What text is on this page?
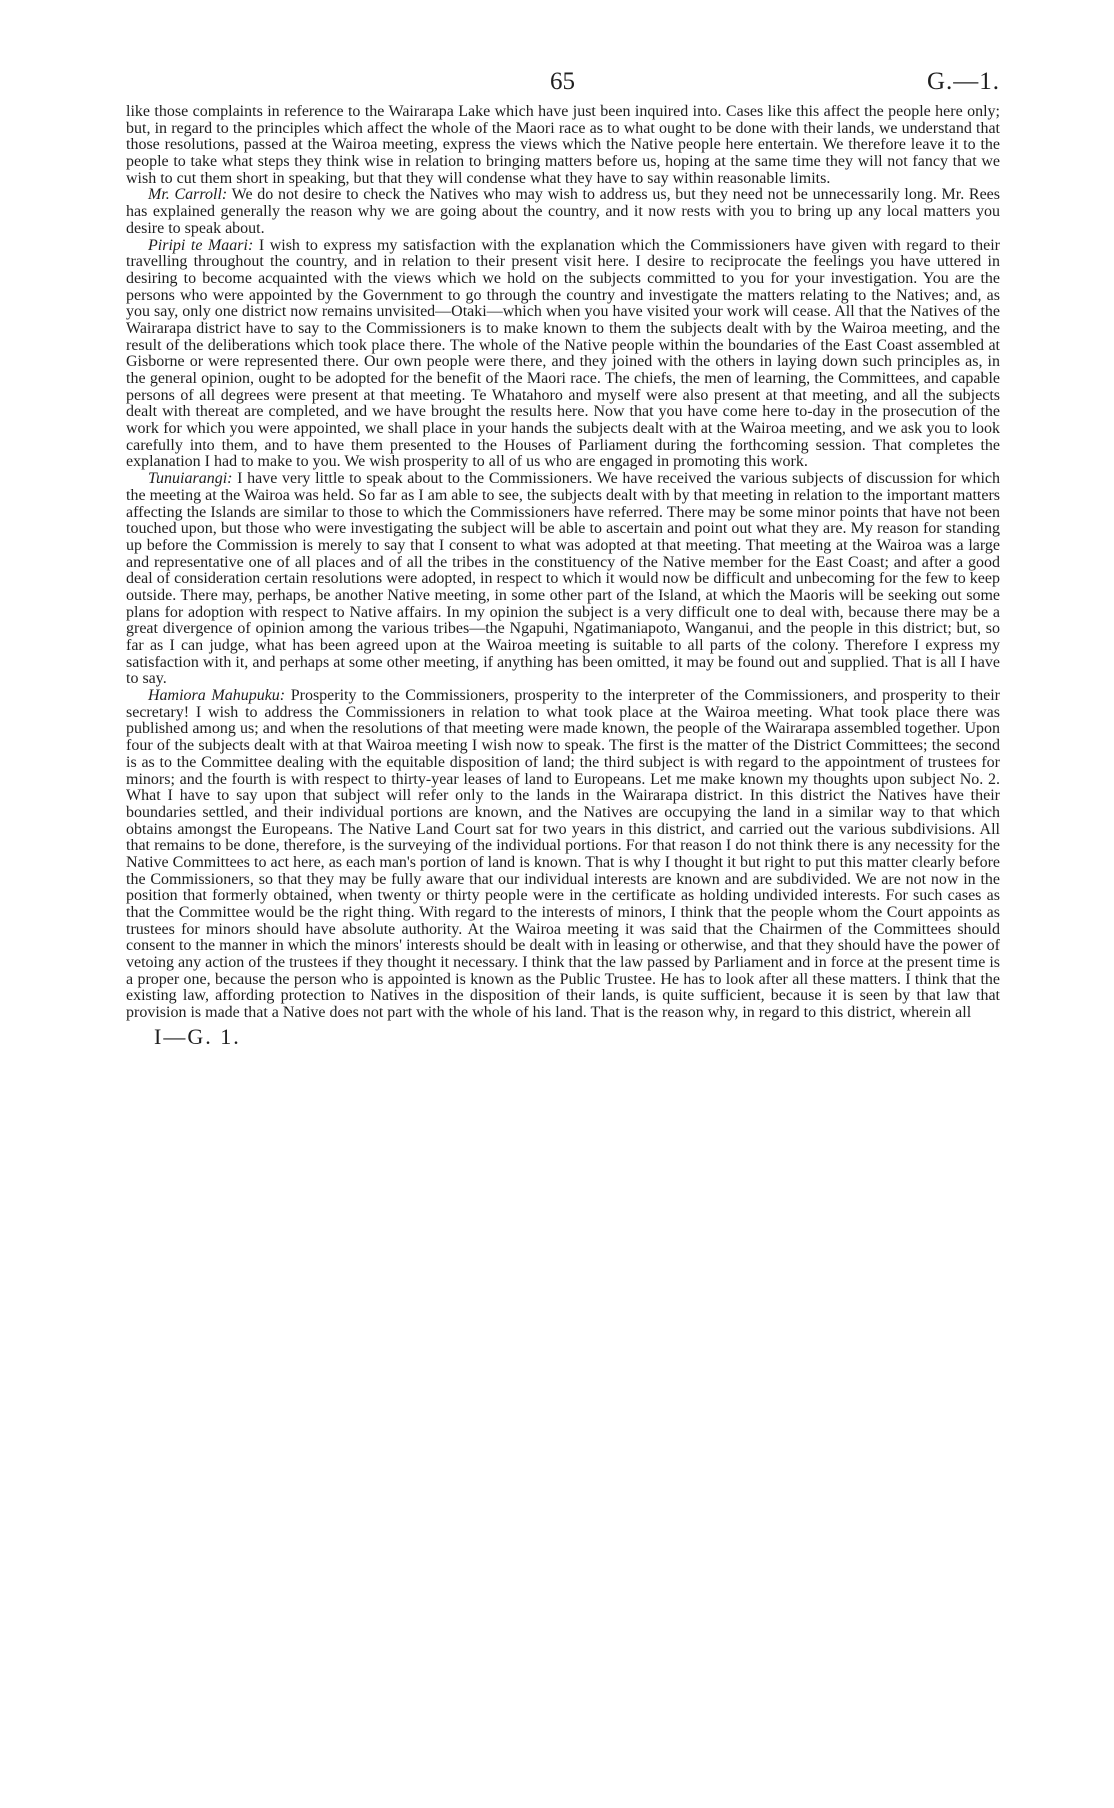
65	G.—1.

like those complaints in reference to the Wairarapa Lake which have just been inquired into. Cases like this affect the people here only; but, in regard to the principles which affect the whole of the Maori race as to what ought to be done with their lands, we understand that those resolutions, passed at the Wairoa meeting, express the views which the Native people here entertain. We therefore leave it to the people to take what steps they think wise in relation to bringing matters before us, hoping at the same time they will not fancy that we wish to cut them short in speaking, but that they will condense what they have to say within reasonable limits.

Mr. Carroll: We do not desire to check the Natives who may wish to address us, but they need not be unnecessarily long. Mr. Rees has explained generally the reason why we are going about the country, and it now rests with you to bring up any local matters you desire to speak about.

Piripi te Maari: I wish to express my satisfaction with the explanation which the Commissioners have given with regard to their travelling throughout the country, and in relation to their present visit here. I desire to reciprocate the feelings you have uttered in desiring to become acquainted with the views which we hold on the subjects committed to you for your investigation. You are the persons who were appointed by the Government to go through the country and investigate the matters relating to the Natives; and, as you say, only one district now remains unvisited—Otaki—which when you have visited your work will cease. All that the Natives of the Wairarapa district have to say to the Commissioners is to make known to them the subjects dealt with by the Wairoa meeting, and the result of the deliberations which took place there. The whole of the Native people within the boundaries of the East Coast assembled at Gisborne or were represented there. Our own people were there, and they joined with the others in laying down such principles as, in the general opinion, ought to be adopted for the benefit of the Maori race. The chiefs, the men of learning, the Committees, and capable persons of all degrees were present at that meeting. Te Whatahoro and myself were also present at that meeting, and all the subjects dealt with thereat are completed, and we have brought the results here. Now that you have come here to-day in the prosecution of the work for which you were appointed, we shall place in your hands the subjects dealt with at the Wairoa meeting, and we ask you to look carefully into them, and to have them presented to the Houses of Parliament during the forthcoming session. That completes the explanation I had to make to you. We wish prosperity to all of us who are engaged in promoting this work.

Tunuiarangi: I have very little to speak about to the Commissioners. We have received the various subjects of discussion for which the meeting at the Wairoa was held. So far as I am able to see, the subjects dealt with by that meeting in relation to the important matters affecting the Islands are similar to those to which the Commissioners have referred. There may be some minor points that have not been touched upon, but those who were investigating the subject will be able to ascertain and point out what they are. My reason for standing up before the Commission is merely to say that I consent to what was adopted at that meeting. That meeting at the Wairoa was a large and representative one of all places and of all the tribes in the constituency of the Native member for the East Coast; and after a good deal of consideration certain resolutions were adopted, in respect to which it would now be difficult and unbecoming for the few to keep outside. There may, perhaps, be another Native meeting, in some other part of the Island, at which the Maoris will be seeking out some plans for adoption with respect to Native affairs. In my opinion the subject is a very difficult one to deal with, because there may be a great divergence of opinion among the various tribes—the Ngapuhi, Ngatimaniapoto, Wanganui, and the people in this district; but, so far as I can judge, what has been agreed upon at the Wairoa meeting is suitable to all parts of the colony. Therefore I express my satisfaction with it, and perhaps at some other meeting, if anything has been omitted, it may be found out and supplied. That is all I have to say.

Hamiora Mahupuku: Prosperity to the Commissioners, prosperity to the interpreter of the Commissioners, and prosperity to their secretary! I wish to address the Commissioners in relation to what took place at the Wairoa meeting. What took place there was published among us; and when the resolutions of that meeting were made known, the people of the Wairarapa assembled together. Upon four of the subjects dealt with at that Wairoa meeting I wish now to speak. The first is the matter of the District Committees; the second is as to the Committee dealing with the equitable disposition of land; the third subject is with regard to the appointment of trustees for minors; and the fourth is with respect to thirty-year leases of land to Europeans. Let me make known my thoughts upon subject No. 2. What I have to say upon that subject will refer only to the lands in the Wairarapa district. In this district the Natives have their boundaries settled, and their individual portions are known, and the Natives are occupying the land in a similar way to that which obtains amongst the Europeans. The Native Land Court sat for two years in this district, and carried out the various subdivisions. All that remains to be done, therefore, is the surveying of the individual portions. For that reason I do not think there is any necessity for the Native Committees to act here, as each man's portion of land is known. That is why I thought it but right to put this matter clearly before the Commissioners, so that they may be fully aware that our individual interests are known and are subdivided. We are not now in the position that formerly obtained, when twenty or thirty people were in the certificate as holding undivided interests. For such cases as that the Committee would be the right thing. With regard to the interests of minors, I think that the people whom the Court appoints as trustees for minors should have absolute authority. At the Wairoa meeting it was said that the Chairmen of the Committees should consent to the manner in which the minors' interests should be dealt with in leasing or otherwise, and that they should have the power of vetoing any action of the trustees if they thought it necessary. I think that the law passed by Parliament and in force at the present time is a proper one, because the person who is appointed is known as the Public Trustee. He has to look after all these matters. I think that the existing law, affording protection to Natives in the disposition of their lands, is quite sufficient, because it is seen by that law that provision is made that a Native does not part with the whole of his land. That is the reason why, in regard to this district, wherein all

I—G. 1.
